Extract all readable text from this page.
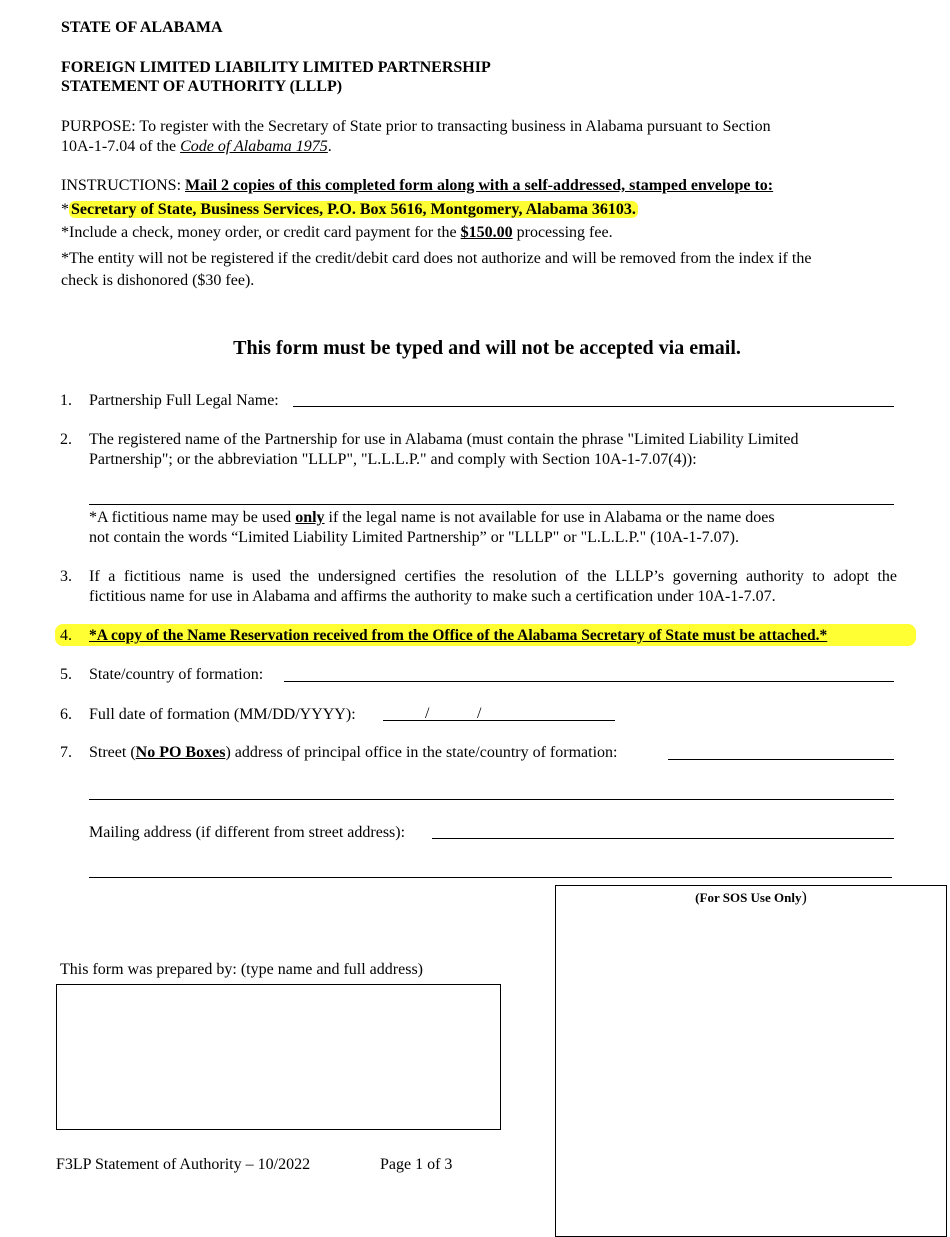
STATE OF ALABAMA
FOREIGN LIMITED LIABILITY LIMITED PARTNERSHIP
STATEMENT OF AUTHORITY (LLLP)
PURPOSE: To register with the Secretary of State prior to transacting business in Alabama pursuant to Section
10A-1-7.04 of the Code of Alabama 1975.
INSTRUCTIONS: Mail 2 copies of this completed form along with a self-addressed, stamped envelope to:
* Secretary of State, Business Services, P.O. Box 5616, Montgomery, Alabama 36103.
*Include a check, money order, or credit card payment for the $150.00 processing fee.
*The entity will not be registered if the credit/debit card does not authorize and will be removed from the index if the
check is dishonored ($30 fee).
This form must be typed and will not be accepted via email.
1. Partnership Full Legal Name:
2. The registered name of the Partnership for use in Alabama (must contain the phrase "Limited Liability Limited
Partnership"; or the abbreviation "LLLP", "L.L.L.P." and comply with Section 10A-1-7.07(4)):
*A fictitious name may be used only if the legal name is not available for use in Alabama or the name does
not contain the words “Limited Liability Limited Partnership” or "LLLP" or "L.L.L.P." (10A-1-7.07).
3. If a fictitious name is used the undersigned certifies the resolution of the LLLP’s governing authority to adopt the
fictitious name for use in Alabama and affirms the authority to make such a certification under 10A-1-7.07.
4. *A copy of the Name Reservation received from the Office of the Alabama Secretary of State must be attached.*
5. State/country of formation:
6. Full date of formation (MM/DD/YYYY):	/	/
7. Street (No PO Boxes) address of principal office in the state/country of formation:
Mailing address (if different from street address):
(For SOS Use Only)
This form was prepared by: (type name and full address)
F3LP Statement of Authority – 10/2022	Page 1 of 3
